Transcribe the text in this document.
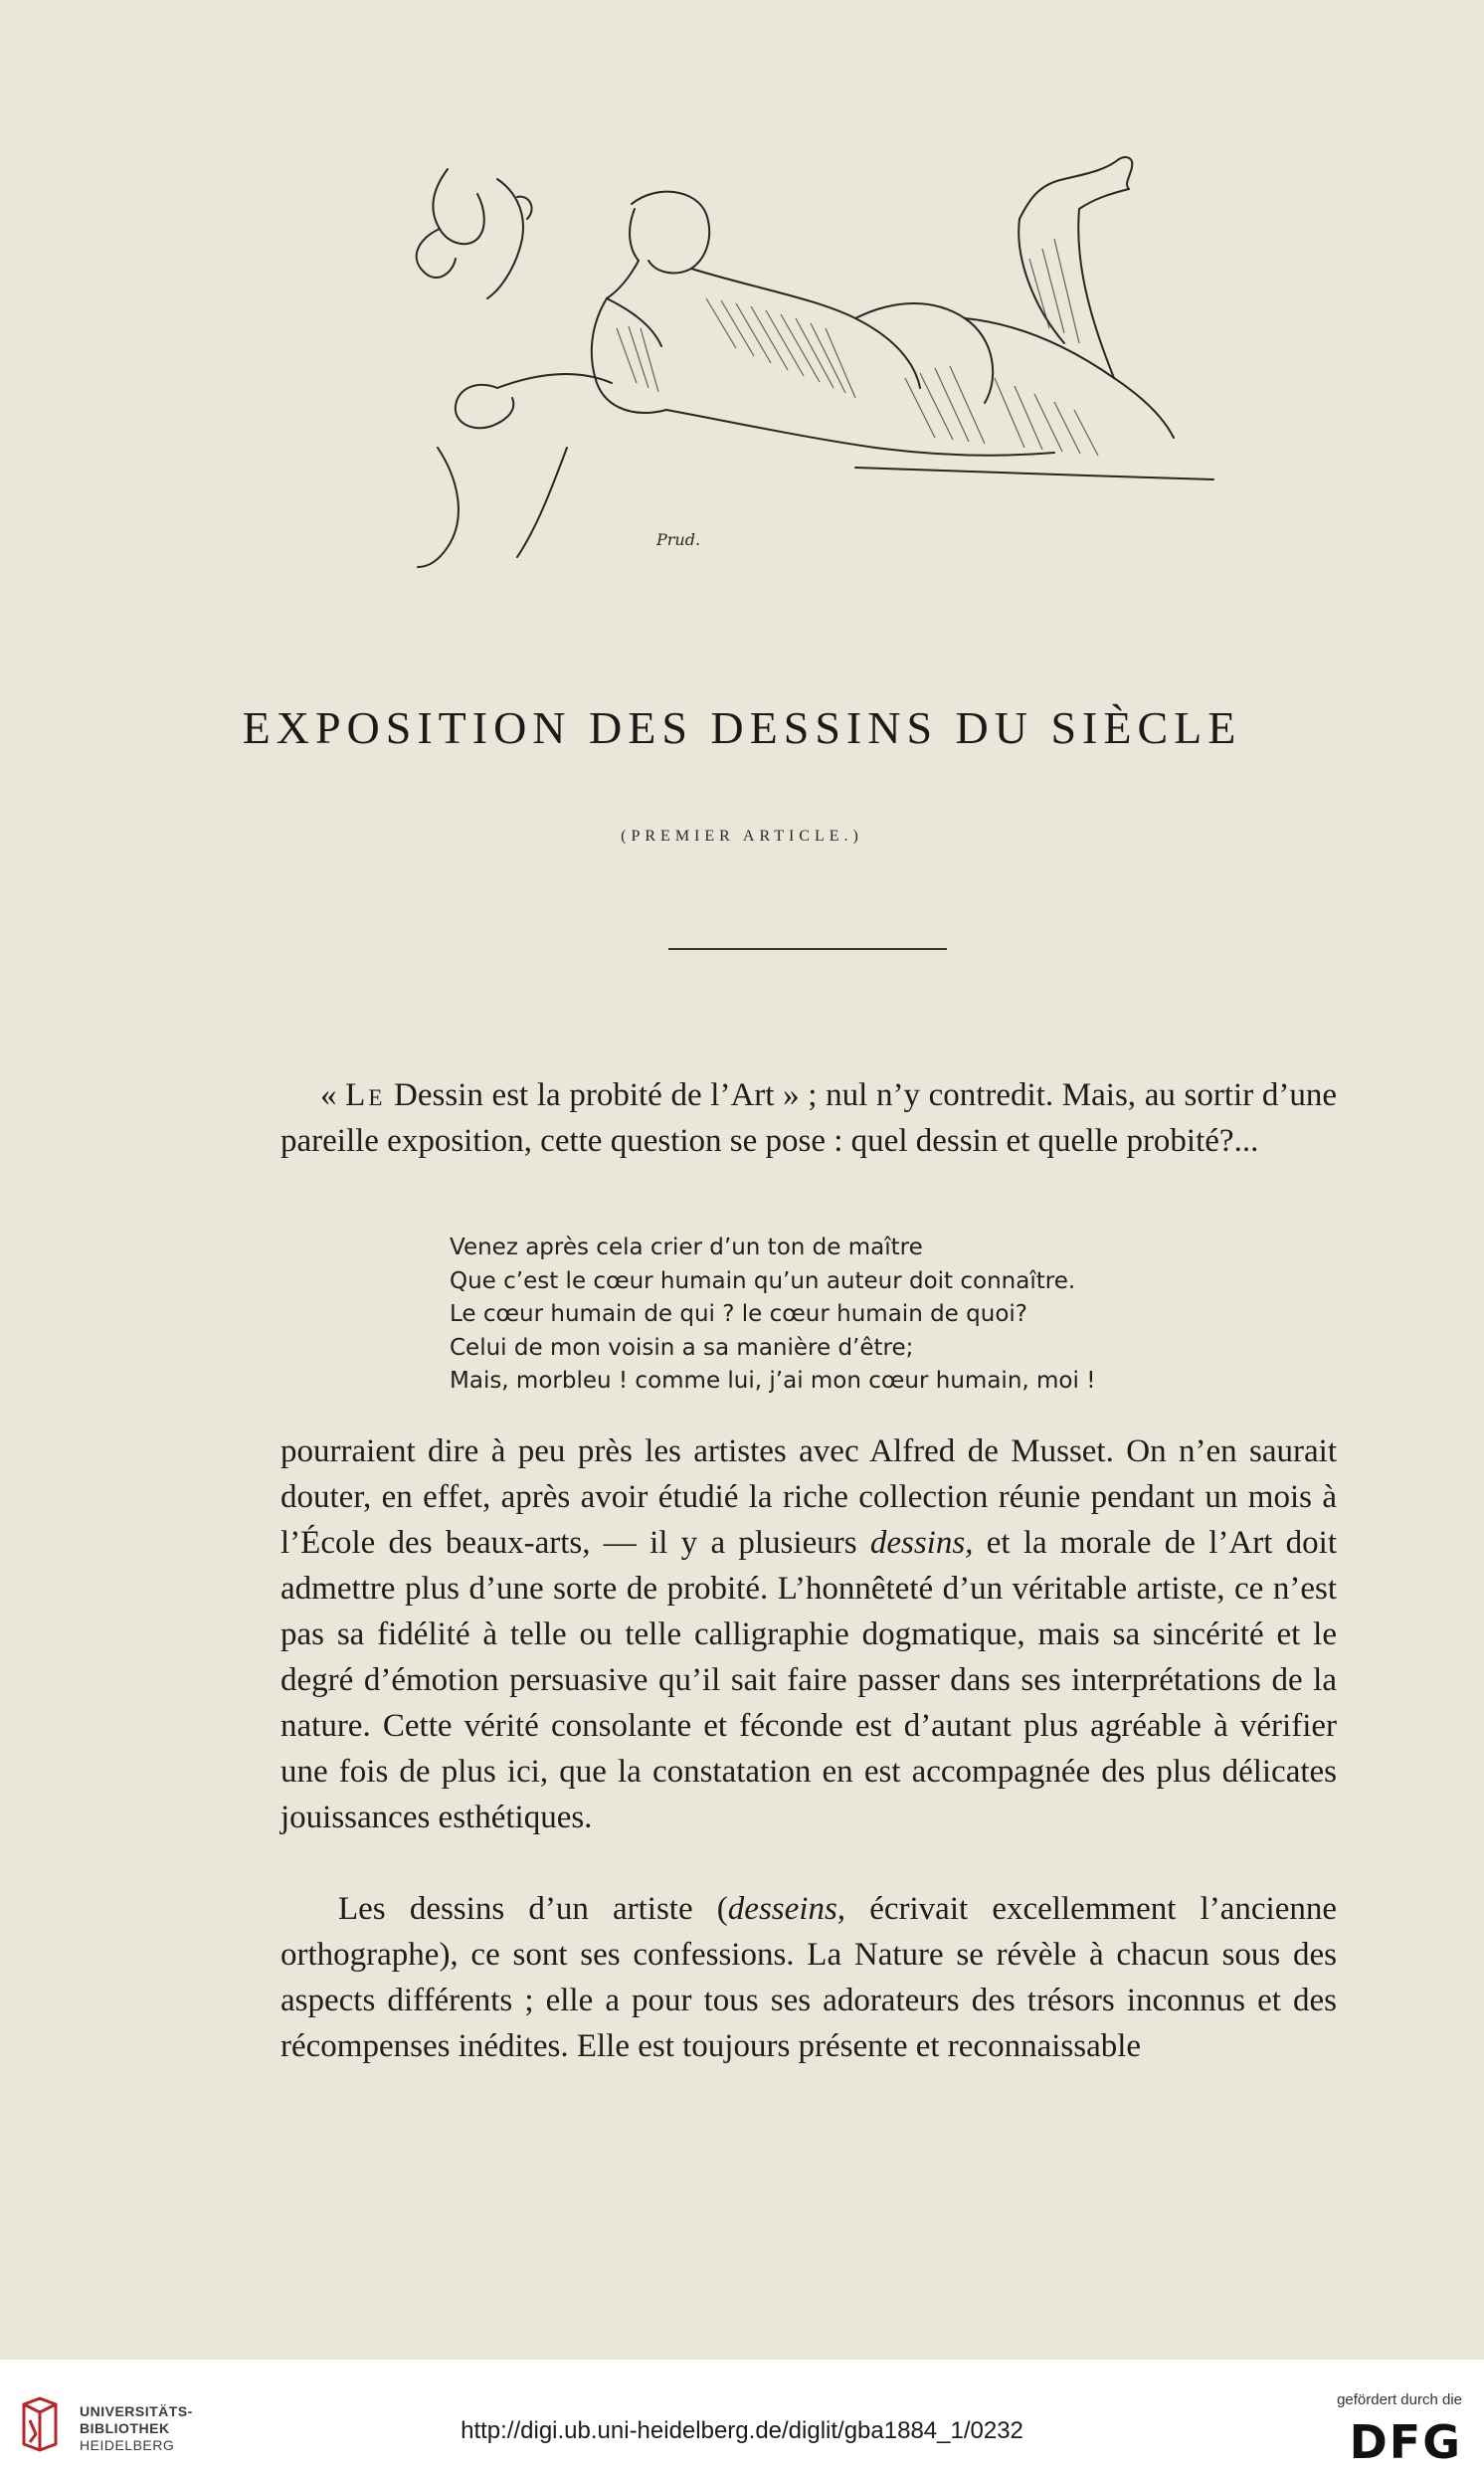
Prud.
EXPOSITION DES DESSINS DU SIÈCLE
(PREMIER ARTICLE.)
« Le Dessin est la probité de l’Art » ; nul n’y contredit. Mais, au sortir d’une pareille exposition, cette question se pose : quel dessin et quelle probité?...
Venez après cela crier d’un ton de maître
Que c’est le cœur humain qu’un auteur doit connaître.
Le cœur humain de qui ? le cœur humain de quoi?
Celui de mon voisin a sa manière d’être;
Mais, morbleu ! comme lui, j’ai mon cœur humain, moi !
pourraient dire à peu près les artistes avec Alfred de Musset. On n’en saurait douter, en effet, après avoir étudié la riche collection réunie pendant un mois à l’École des beaux-arts, — il y a plusieurs dessins, et la morale de l’Art doit admettre plus d’une sorte de probité. L’honnêteté d’un véritable artiste, ce n’est pas sa fidélité à telle ou telle calligraphie dogmatique, mais sa sincérité et le degré d’émotion persuasive qu’il sait faire passer dans ses interprétations de la nature. Cette vérité consolante et féconde est d’autant plus agréable à vérifier une fois de plus ici, que la constatation en est accompagnée des plus délicates jouissances esthétiques.
Les dessins d’un artiste (desseins, écrivait excellemment l’ancienne orthographe), ce sont ses confessions. La Nature se révèle à chacun sous des aspects différents ; elle a pour tous ses adorateurs des trésors inconnus et des récompenses inédites. Elle est toujours présente et reconnaissable
UNIVERSITÄTS-
BIBLIOTHEK
HEIDELBERG
http://digi.ub.uni-heidelberg.de/diglit/gba1884_1/0232
gefördert durch die
DFG
